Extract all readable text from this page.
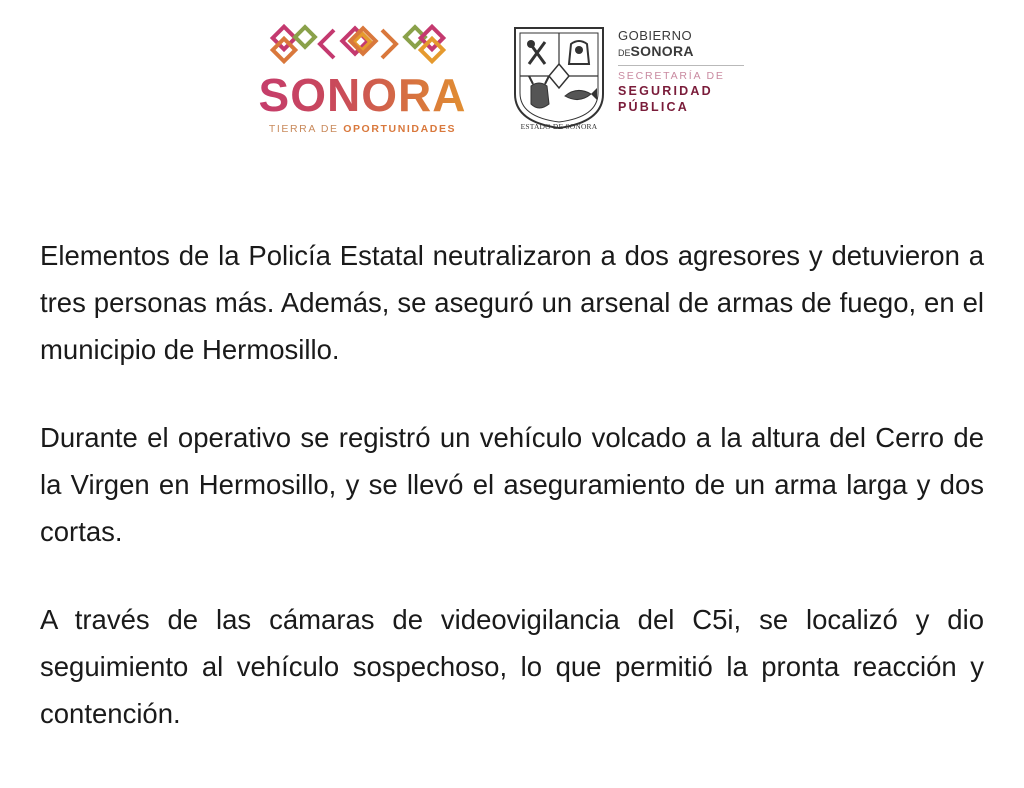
SONORA
TIERRA DE OPORTUNIDADES	ESTADO DE SONORA
GOBIERNO
DESONORA
SECRETARÍA DE
SEGURIDAD
PÚBLICA

Elementos de la Policía Estatal neutralizaron a dos agresores y detuvieron a tres personas más. Además, se aseguró un arsenal de armas de fuego, en el municipio de Hermosillo.

Durante el operativo se registró un vehículo volcado a la altura del Cerro de la Virgen en Hermosillo, y se llevó el aseguramiento de un arma larga y dos cortas.

A través de las cámaras de videovigilancia del C5i, se localizó y dio seguimiento al vehículo sospechoso, lo que permitió la pronta reacción y contención.
